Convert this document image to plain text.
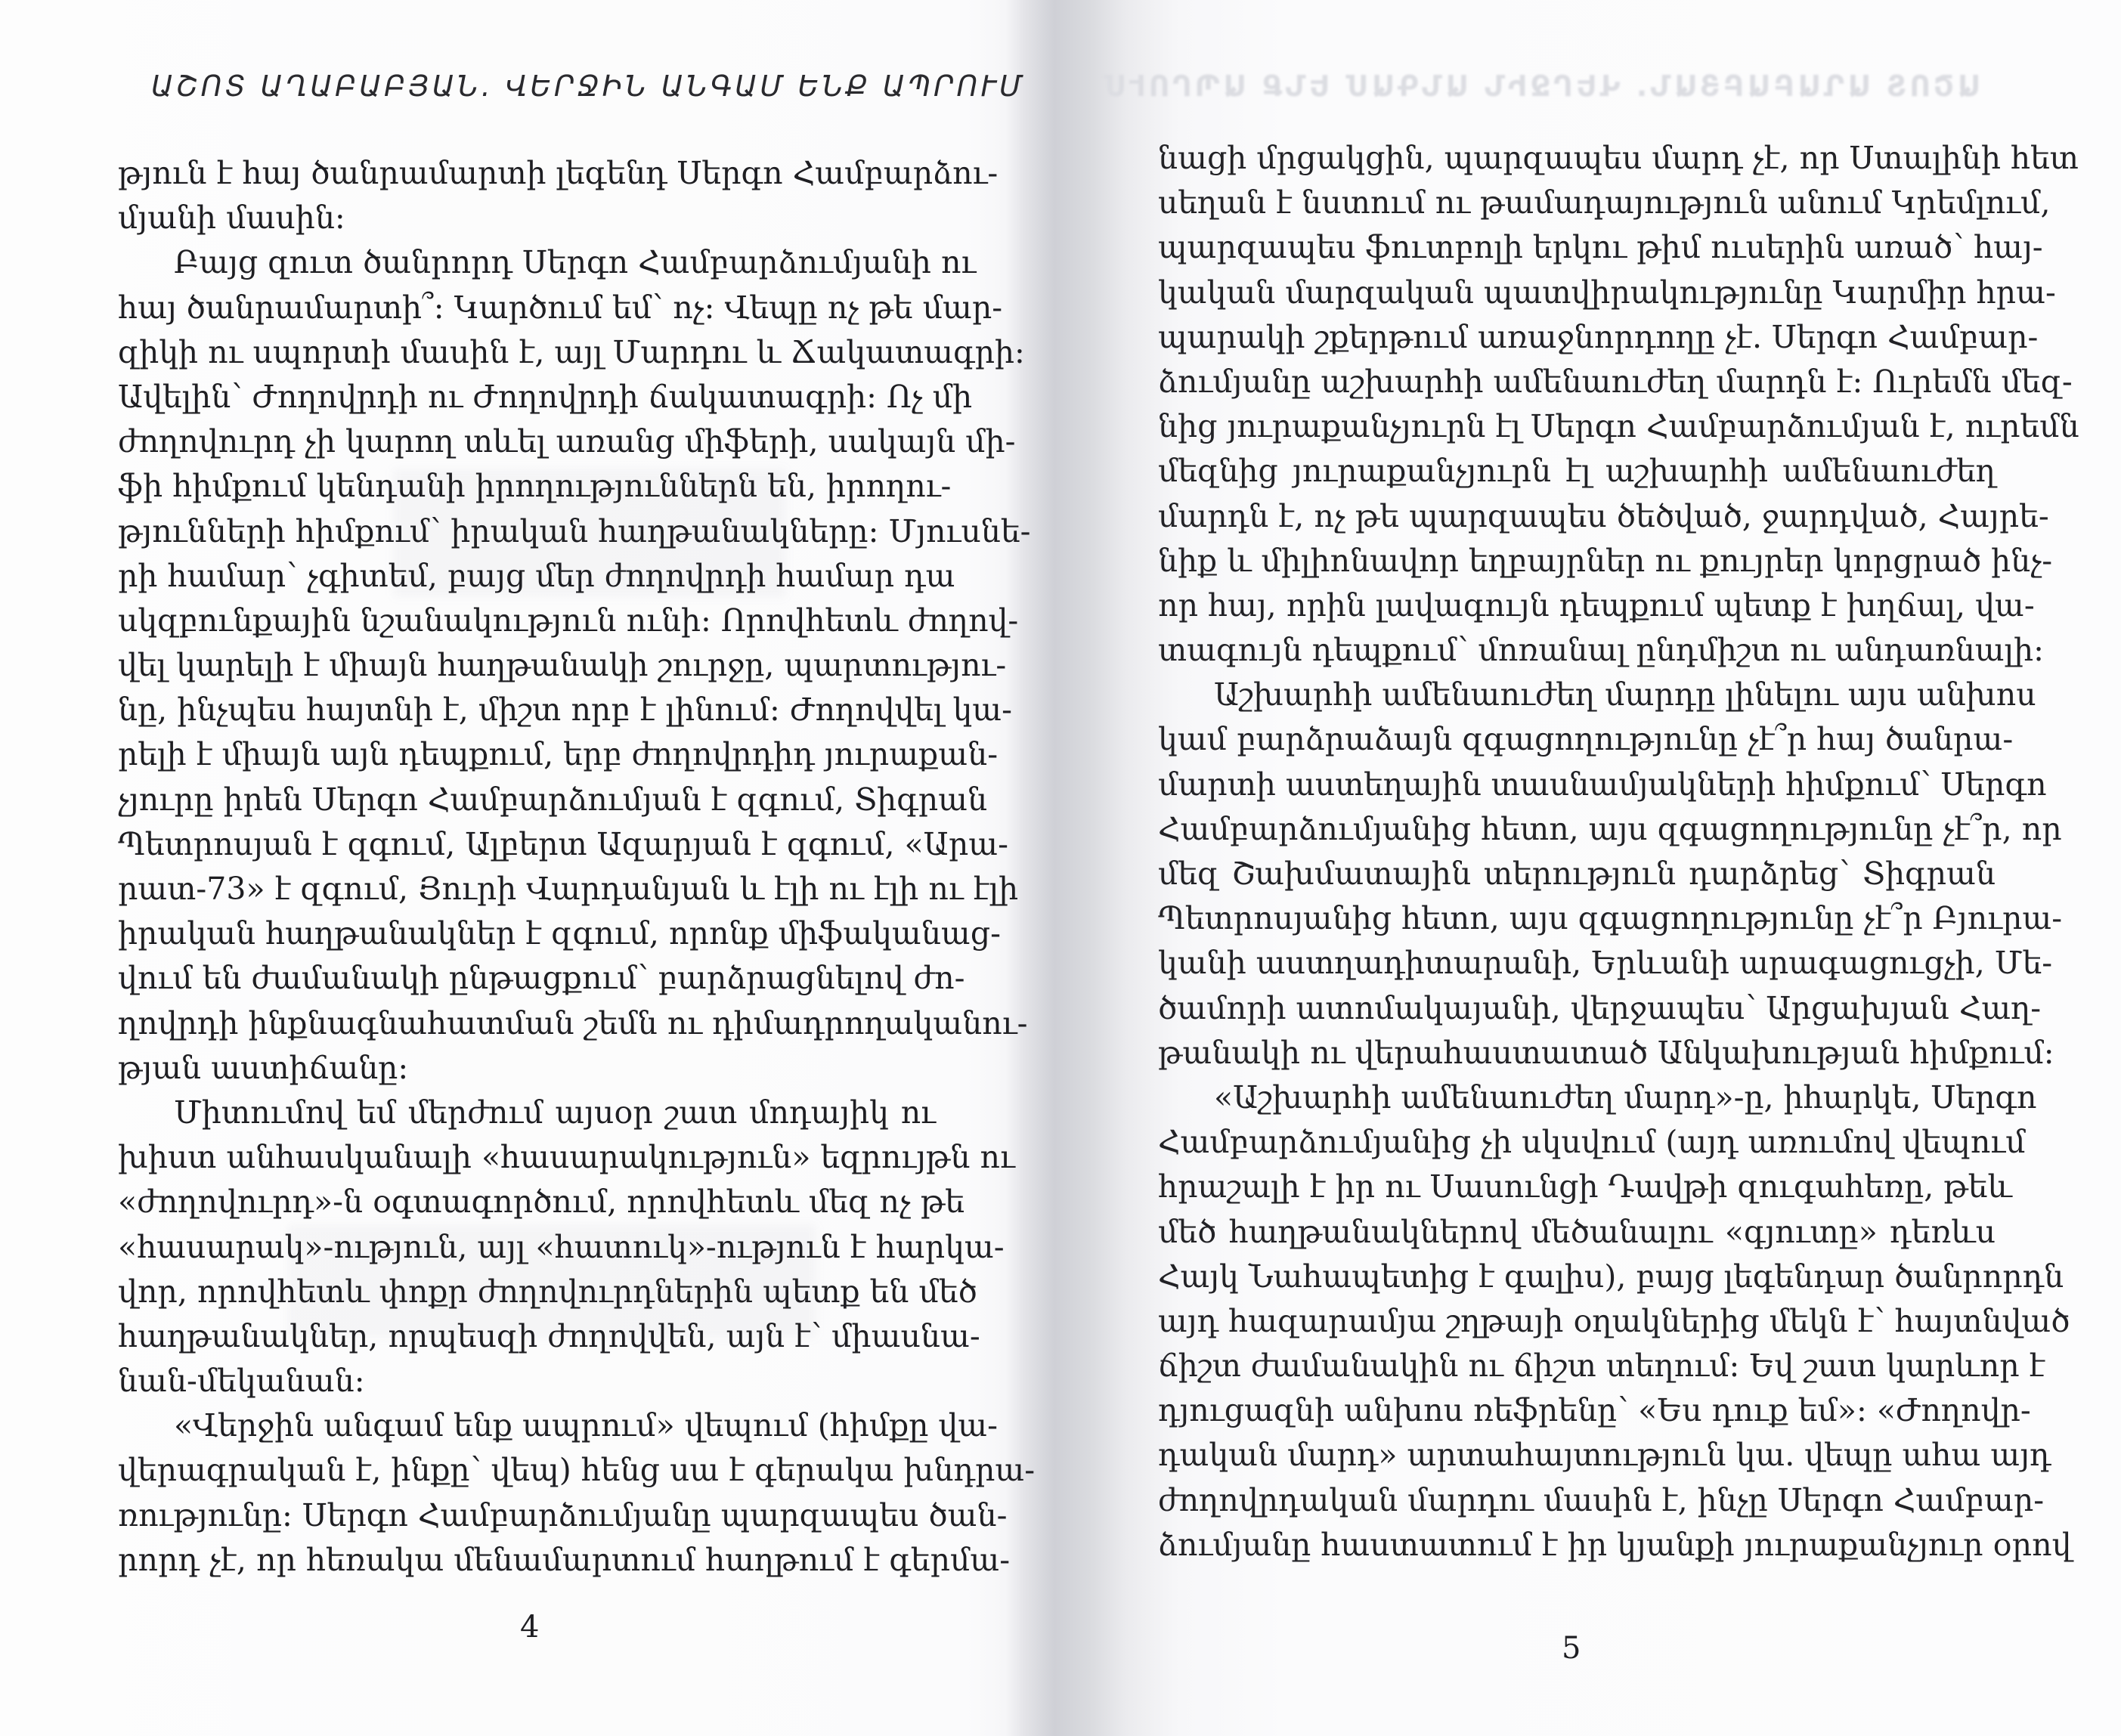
ԱՇՈՏ ԱՂԱԲԱԲՅԱՆ. ՎԵՐՋԻՆ ԱՆԳԱՄ ԵՆՔ ԱՊՐՈՒՄ	ԱՇՈՏ ԱՂԱԲԱԲՅԱՆ. ՎԵՐՋԻՆ ԱՆԳԱՄ ԵՆՔ ԱՊՐՈՒՄ
թյուն է հայ ծանրամարտի լեգենդ Սերգո Համբարձու-
մյանի մասին:
Բայց զուտ ծանրորդ Սերգո Համբարձումյանի ու
հայ ծանրամարտի՞: Կարծում եմ՝ ոչ: Վեպը ոչ թե մար-
զիկի ու սպորտի մասին է, այլ Մարդու և Ճակատագրի:
Ավելին՝ Ժողովրդի ու Ժողովրդի ճակատագրի: Ոչ մի
ժողովուրդ չի կարող տևել առանց միֆերի, սակայն մի-
ֆի հիմքում կենդանի իրողություններն են, իրողու-
թյունների հիմքում՝ իրական հաղթանակները: Մյուսնե-
րի համար՝ չգիտեմ, բայց մեր ժողովրդի համար դա
սկզբունքային նշանակություն ունի: Որովհետև ժողով-
վել կարելի է միայն հաղթանակի շուրջը, պարտությու-
նը, ինչպես հայտնի է, միշտ որբ է լինում: Ժողովվել կա-
րելի է միայն այն դեպքում, երբ ժողովրդիդ յուրաքան-
չյուրը իրեն Սերգո Համբարձումյան է զգում, Տիգրան
Պետրոսյան է զգում, Ալբերտ Ազարյան է զգում, «Արա-
րատ-73» է զգում, Յուրի Վարդանյան և էլի ու էլի ու էլի
իրական հաղթանակներ է զգում, որոնք միֆականաց-
վում են ժամանակի ընթացքում՝ բարձրացնելով ժո-
ղովրդի ինքնագնահատման շեմն ու դիմադրողականու-
թյան աստիճանը:
Միտումով եմ մերժում այսօր շատ մոդայիկ ու
խիստ անհասկանալի «հասարակություն» եզրույթն ու
«ժողովուրդ»-ն օգտագործում, որովհետև մեզ ոչ թե
«հասարակ»-ություն, այլ «հատուկ»-ություն է հարկա-
վոր, որովհետև փոքր ժողովուրդներին պետք են մեծ
հաղթանակներ, որպեսզի ժողովվեն, այն է՝ միասնա-
նան-մեկանան:
«Վերջին անգամ ենք ապրում» վեպում (հիմքը վա-
վերագրական է, ինքը՝ վեպ) հենց սա է գերակա խնդրա-
ռությունը: Սերգո Համբարձումյանը պարզապես ծան-
րորդ չէ, որ հեռակա մենամարտում հաղթում է գերմա-
նացի մրցակցին, պարզապես մարդ չէ, որ Ստալինի հետ
սեղան է նստում ու թամադայություն անում Կրեմլում,
պարզապես ֆուտբոլի երկու թիմ ուսերին առած՝ հայ-
կական մարզական պատվիրակությունը Կարմիր հրա-
պարակի շքերթում առաջնորդողը չէ. Սերգո Համբար-
ձումյանը աշխարհի ամենաուժեղ մարդն է: Ուրեմն մեզ-
նից յուրաքանչյուրն էլ Սերգո Համբարձումյան է, ուրեմն
մեզնից յուրաքանչյուրն էլ աշխարհի ամենաուժեղ
մարդն է, ոչ թե պարզապես ծեծված, ջարդված, Հայրե-
նիք և միլիոնավոր եղբայրներ ու քույրեր կորցրած ինչ-
որ հայ, որին լավագույն դեպքում պետք է խղճալ, վա-
տագույն դեպքում՝ մոռանալ ընդմիշտ ու անդառնալի:
Աշխարհի ամենաուժեղ մարդը լինելու այս անխոս
կամ բարձրաձայն զգացողությունը չէ՞ր հայ ծանրա-
մարտի աստեղային տասնամյակների հիմքում՝ Սերգո
Համբարձումյանից հետո, այս զգացողությունը չէ՞ր, որ
մեզ Շախմատային տերություն դարձրեց՝ Տիգրան
Պետրոսյանից հետո, այս զգացողությունը չէ՞ր Բյուրա-
կանի աստղադիտարանի, Երևանի արագացուցչի, Մե-
ծամորի ատոմակայանի, վերջապես՝ Արցախյան Հաղ-
թանակի ու վերահաստատած Անկախության հիմքում:
«Աշխարհի ամենաուժեղ մարդ»-ը, իհարկե, Սերգո
Համբարձումյանից չի սկսվում (այդ առումով վեպում
հրաշալի է իր ու Սասունցի Դավթի զուգահեռը, թեև
մեծ հաղթանակներով մեծանալու «գյուտը» դեռևս
Հայկ Նահապետից է գալիս), բայց լեգենդար ծանրորդն
այդ հազարամյա շղթայի օղակներից մեկն է՝ հայտնված
ճիշտ ժամանակին ու ճիշտ տեղում: Եվ շատ կարևոր է
դյուցազնի անխոս ռեֆրենը՝ «Ես դուք եմ»: «Ժողովր-
դական մարդ» արտահայտություն կա. վեպը ահա այդ
ժողովրդական մարդու մասին է, ինչը Սերգո Համբար-
ձումյանը հաստատում է իր կյանքի յուրաքանչյուր օրով
4
5
